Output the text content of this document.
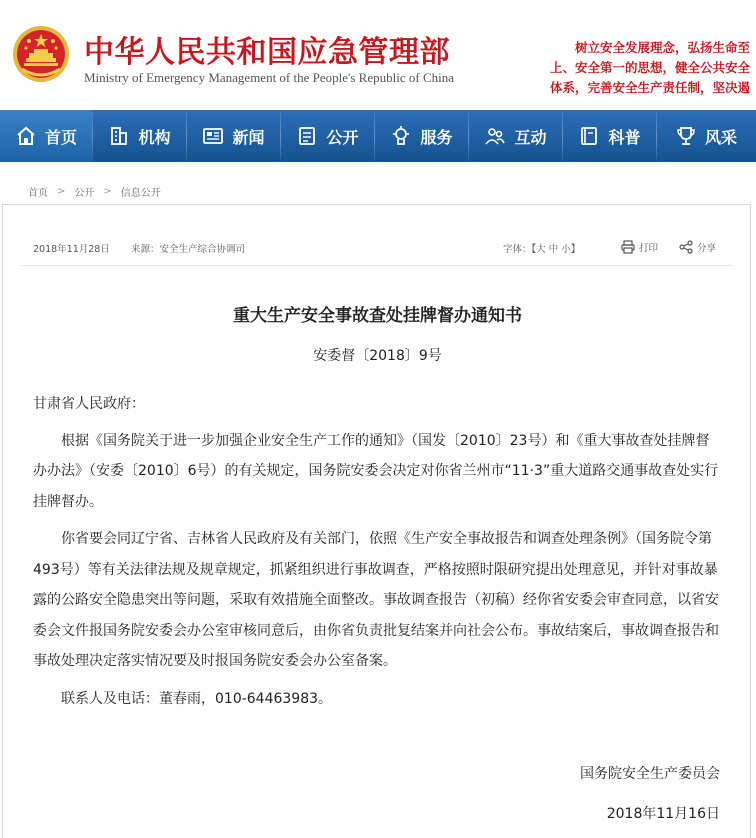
中华人民共和国应急管理部
Ministry of Emergency Management of the People's Republic of China
树立安全发展理念，弘扬生命至
上、安全第一的思想，健全公共安全
体系，完善安全生产责任制，坚决遏
首页	机构	新闻	公开	服务	互动	科普	风采
首页 > 公开 > 信息公开
2018年11月28日 来源：安全生产综合协调司	字体：【大 中 小】	打印	分享
重大生产安全事故查处挂牌督办通知书
安委督〔2018〕9号

甘肃省人民政府：

根据《国务院关于进一步加强企业安全生产工作的通知》（国发〔2010〕23号）和《重大事故查处挂牌督办办法》（安委〔2010〕6号）的有关规定，国务院安委会决定对你省兰州市“11·3”重大道路交通事故查处实行挂牌督办。

你省要会同辽宁省、吉林省人民政府及有关部门，依照《生产安全事故报告和调查处理条例》（国务院令第493号）等有关法律法规及规章规定，抓紧组织进行事故调查，严格按照时限研究提出处理意见，并针对事故暴露的公路安全隐患突出等问题，采取有效措施全面整改。事故调查报告（初稿）经你省安委会审查同意，以省安委会文件报国务院安委会办公室审核同意后，由你省负责批复结案并向社会公布。事故结案后，事故调查报告和事故处理决定落实情况要及时报国务院安委会办公室备案。

联系人及电话：董春雨，010-64463983。

国务院安全生产委员会
2018年11月16日
